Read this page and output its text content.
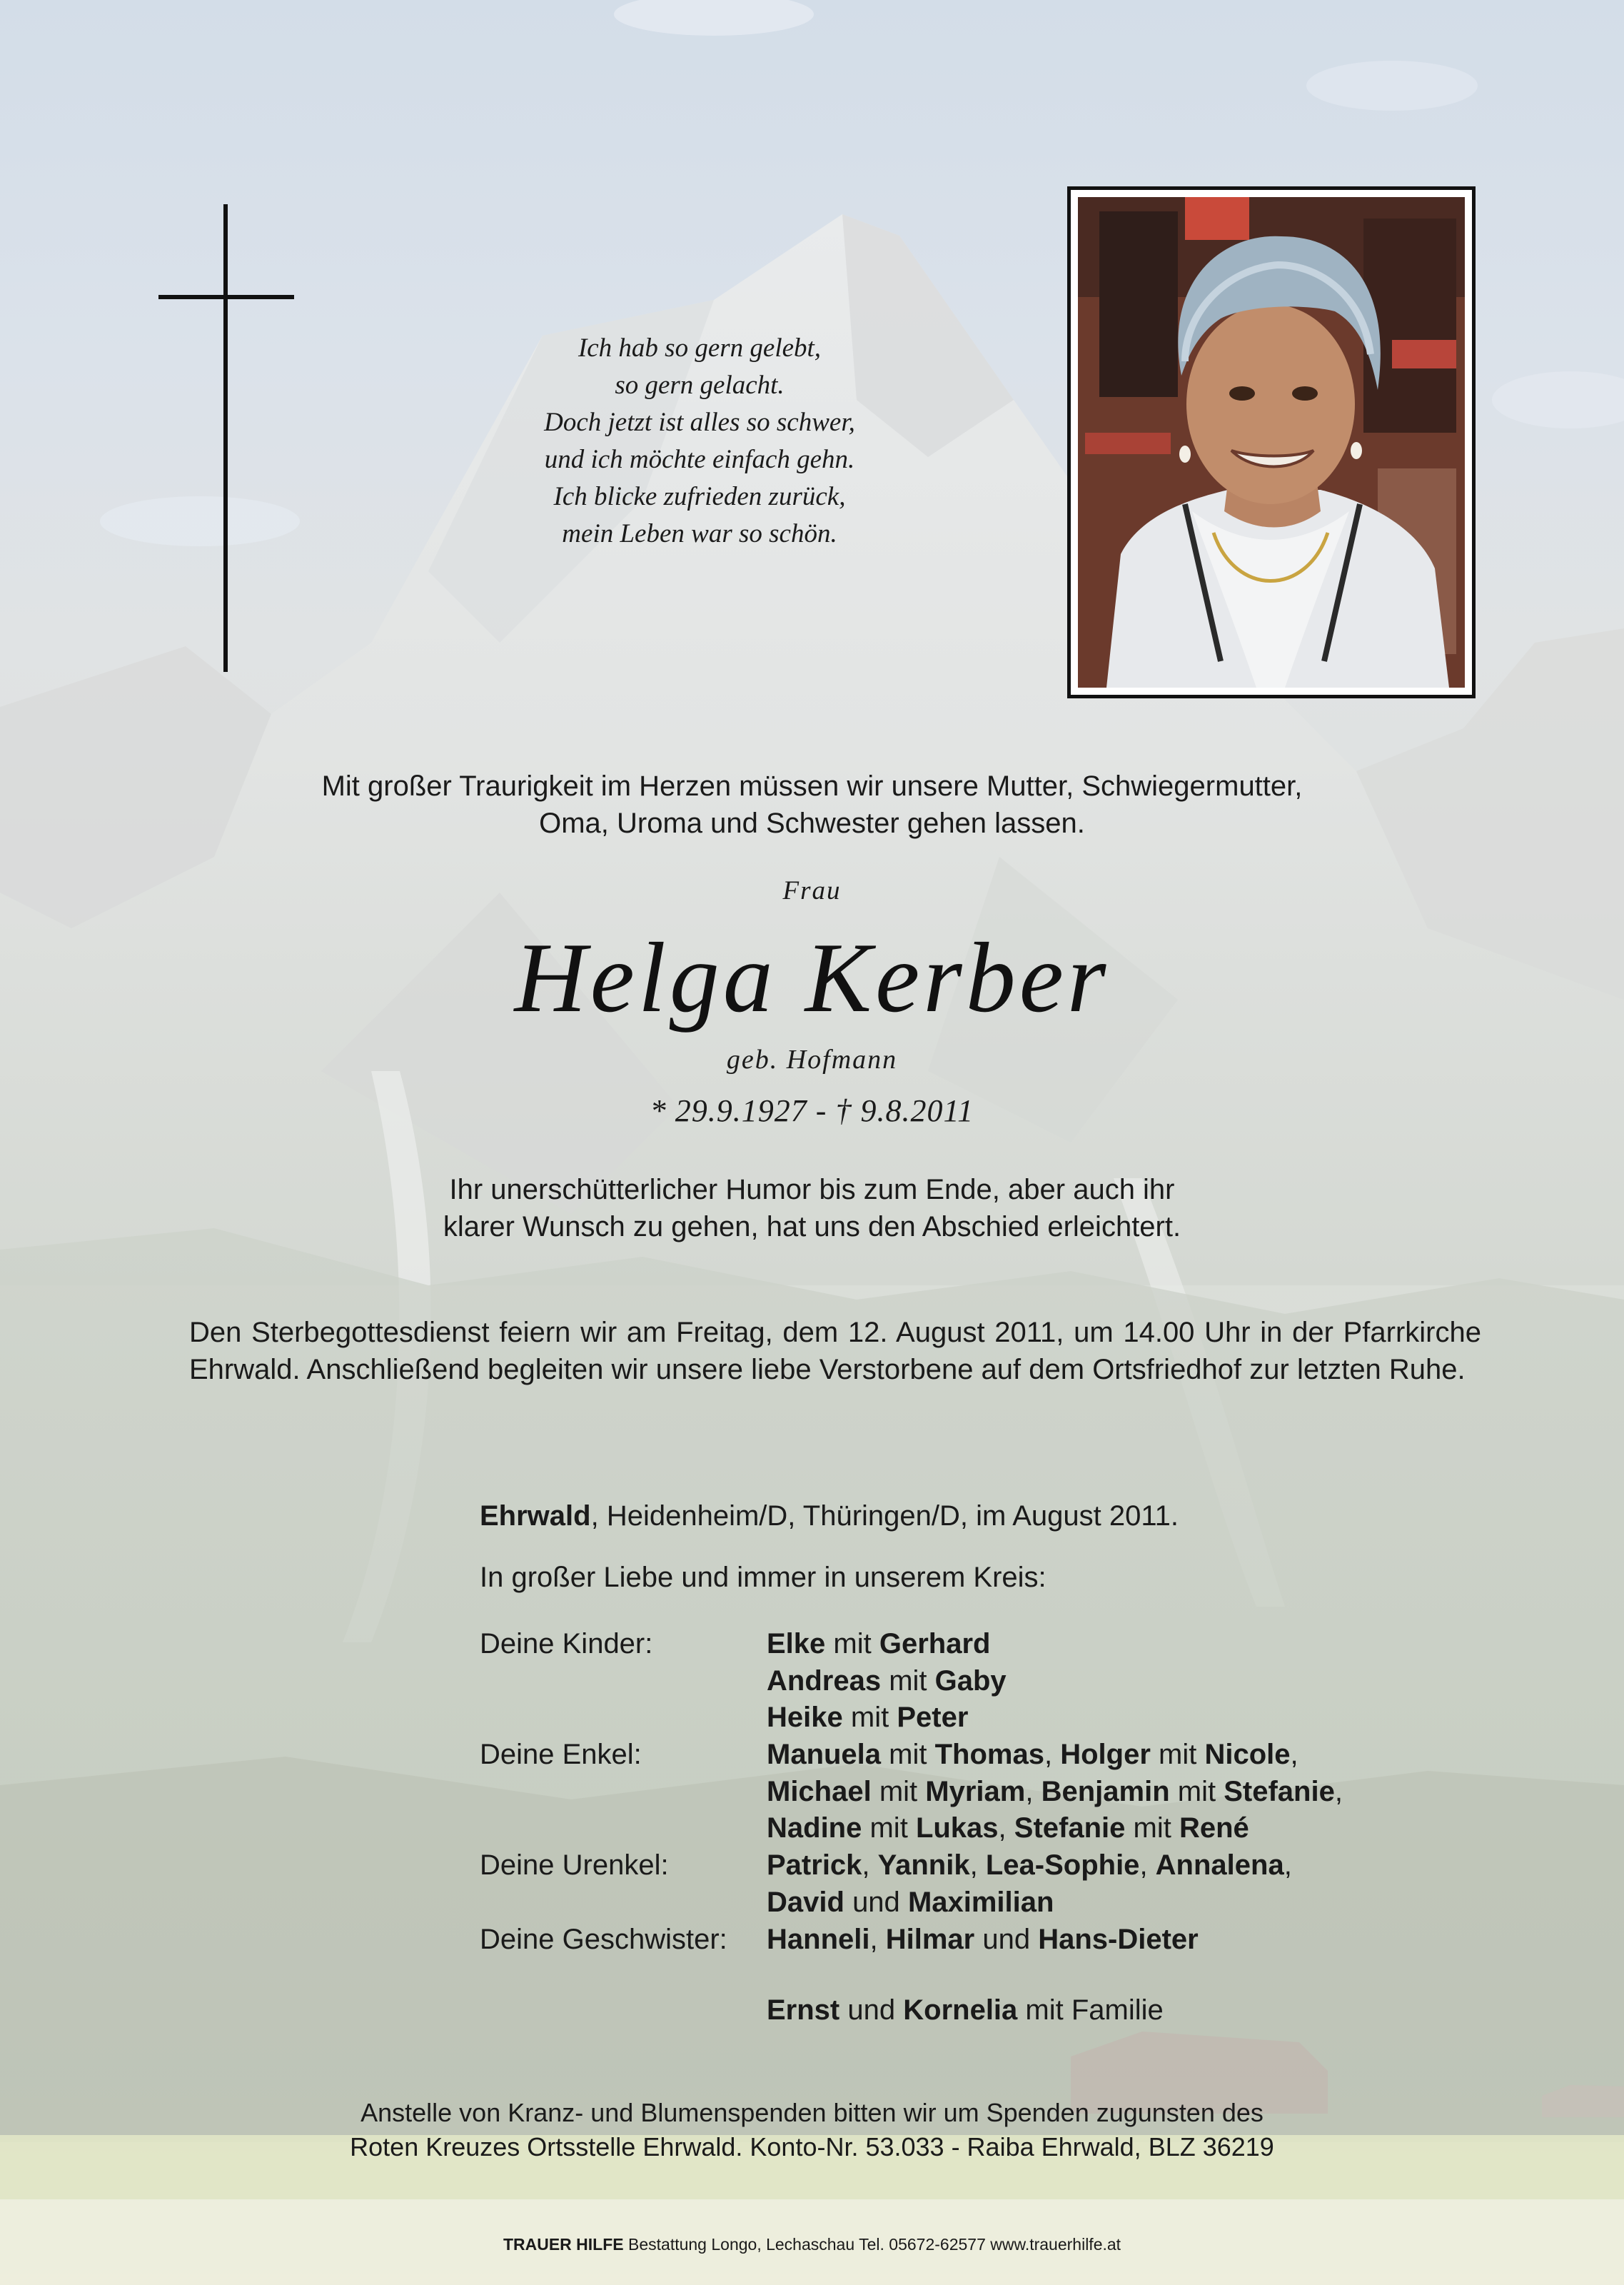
Ich hab so gern gelebt,
so gern gelacht.
Doch jetzt ist alles so schwer,
und ich möchte einfach gehn.
Ich blicke zufrieden zurück,
mein Leben war so schön.
Mit großer Traurigkeit im Herzen müssen wir unsere Mutter, Schwiegermutter,
Oma, Uroma und Schwester gehen lassen.
Frau
Helga Kerber
geb. Hofmann
* 29.9.1927 - † 9.8.2011
Ihr unerschütterlicher Humor bis zum Ende, aber auch ihr
klarer Wunsch zu gehen, hat uns den Abschied erleichtert.
Den Sterbegottesdienst feiern wir am Freitag, dem 12. August 2011, um 14.00 Uhr in der Pfarrkirche Ehrwald. Anschließend begleiten wir unsere liebe Verstorbene auf dem Ortsfriedhof zur letzten Ruhe.
Ehrwald, Heidenheim/D, Thüringen/D, im August 2011.
In großer Liebe und immer in unserem Kreis:
Deine Kinder:	Elke mit Gerhard
Andreas mit Gaby
Heike mit Peter
Deine Enkel:	Manuela mit Thomas, Holger mit Nicole,
Michael mit Myriam, Benjamin mit Stefanie,
Nadine mit Lukas, Stefanie mit René
Deine Urenkel:	Patrick, Yannik, Lea-Sophie, Annalena,
David und Maximilian
Deine Geschwister:	Hanneli, Hilmar und Hans-Dieter
Ernst und Kornelia mit Familie
Anstelle von Kranz- und Blumenspenden bitten wir um Spenden zugunsten des
Roten Kreuzes Ortsstelle Ehrwald. Konto-Nr. 53.033 - Raiba Ehrwald, BLZ 36219
TRAUER HILFE Bestattung Longo, Lechaschau Tel. 05672-62577 www.trauerhilfe.at
